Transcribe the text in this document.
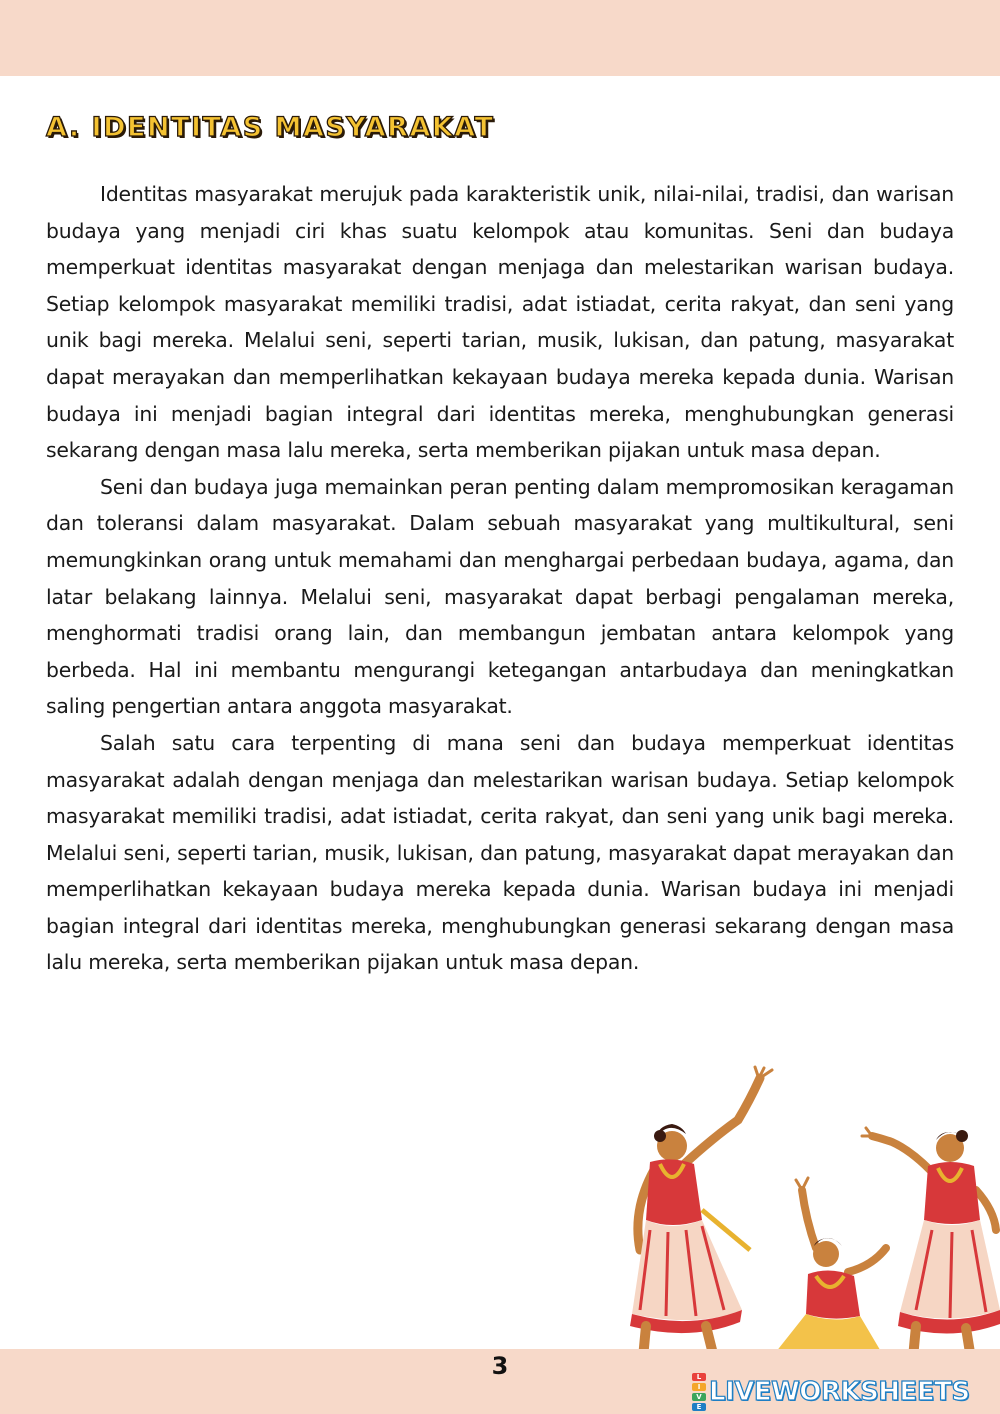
A. IDENTITAS MASYARAKAT

Identitas masyarakat merujuk pada karakteristik unik, nilai-nilai, tradisi, dan warisan budaya yang menjadi ciri khas suatu kelompok atau komunitas. Seni dan budaya memperkuat identitas masyarakat dengan menjaga dan melestarikan warisan budaya. Setiap kelompok masyarakat memiliki tradisi, adat istiadat, cerita rakyat, dan seni yang unik bagi mereka. Melalui seni, seperti tarian, musik, lukisan, dan patung, masyarakat dapat merayakan dan memperlihatkan kekayaan budaya mereka kepada dunia. Warisan budaya ini menjadi bagian integral dari identitas mereka, menghubungkan generasi sekarang dengan masa lalu mereka, serta memberikan pijakan untuk masa depan.

Seni dan budaya juga memainkan peran penting dalam mempromosikan keragaman dan toleransi dalam masyarakat. Dalam sebuah masyarakat yang multikultural, seni memungkinkan orang untuk memahami dan menghargai perbedaan budaya, agama, dan latar belakang lainnya. Melalui seni, masyarakat dapat berbagi pengalaman mereka, menghormati tradisi orang lain, dan membangun jembatan antara kelompok yang berbeda. Hal ini membantu mengurangi ketegangan antarbudaya dan meningkatkan saling pengertian antara anggota masyarakat.

Salah satu cara terpenting di mana seni dan budaya memperkuat identitas masyarakat adalah dengan menjaga dan melestarikan warisan budaya. Setiap kelompok masyarakat memiliki tradisi, adat istiadat, cerita rakyat, dan seni yang unik bagi mereka. Melalui seni, seperti tarian, musik, lukisan, dan patung, masyarakat dapat merayakan dan memperlihatkan kekayaan budaya mereka kepada dunia. Warisan budaya ini menjadi bagian integral dari identitas mereka, menghubungkan generasi sekarang dengan masa lalu mereka, serta memberikan pijakan untuk masa depan.

3	L
I
V
E LIVEWORKSHEETS
